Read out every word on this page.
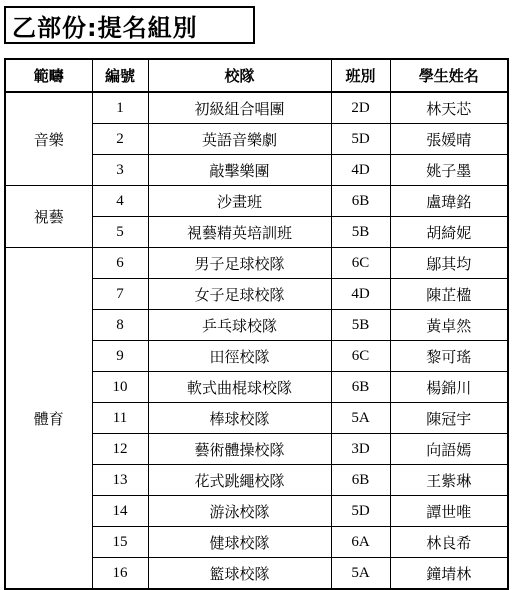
乙部份:提名組別
範疇	編號	校隊	班別	學生姓名
音樂	1	初級組合唱團	2D	林天芯
	2	英語音樂劇	5D	張媛晴
	3	敲擊樂團	4D	姚子墨
視藝	4	沙畫班	6B	盧瑋銘
	5	視藝精英培訓班	5B	胡綺妮
體育	6	男子足球校隊	6C	鄔其均
	7	女子足球校隊	4D	陳芷楹
	8	乒乓球校隊	5B	黃卓然
	9	田徑校隊	6C	黎可瑤
	10	軟式曲棍球校隊	6B	楊錦川
	11	棒球校隊	5A	陳冠宇
	12	藝術體操校隊	3D	向語嫣
	13	花式跳繩校隊	6B	王紫琳
	14	游泳校隊	5D	譚世唯
	15	健球校隊	6A	林良希
	16	籃球校隊	5A	鐘埥林
